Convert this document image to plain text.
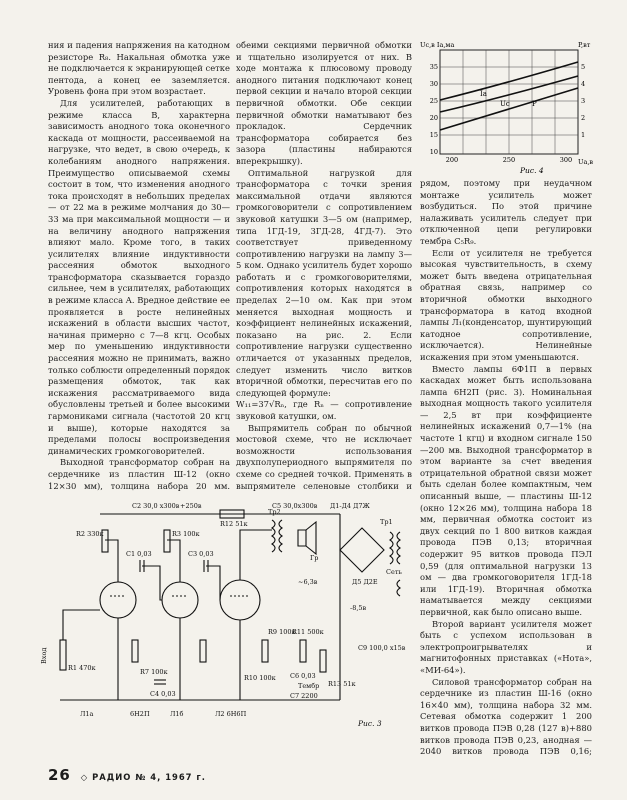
ния и падения напряжения на катодном резисторе R₈. Накальная обмотка уже не подключается к экранирующей сетке пентода, а конец ее заземляется. Уровень фона при этом возрастает.

Для усилителей, работающих в режиме класса B, характерна зависимость анодного тока оконечного каскада от мощности, рассеиваемой на нагрузке, что ведет, в свою очередь, к колебаниям анодного напряжения. Преимущество описываемой схемы состоит в том, что изменения анодного тока происходят в небольших пределах — от 22 ма в режиме молчания до 30—33 ма при максимальной мощности — и на величину анодного напряжения влияют мало. Кроме того, в таких усилителях влияние индуктивности рассеяния обмоток выходного трансформатора сказывается гораздо сильнее, чем в усилителях, работающих в режиме класса A. Вредное действие ее проявляется в росте нелинейных искажений в области высших частот, начиная примерно с 7—8 кгц. Особых мер по уменьшению индуктивности рассеяния можно не принимать, важно только соблюсти определенный порядок размещения обмоток, так как искажения рассматриваемого вида обусловлены третьей и более высокими гармониками сигнала (частотой 20 кгц и выше), которые находятся за пределами полосы воспроизведения динамических громкоговорителей.

Выходной трансформатор собран на сердечнике из пластин Ш-12 (окно 12×30 мм), толщина набора 20 мм.

обеими секциями первичной обмотки и тщательно изолируется от них. В ходе монтажа к плюсовому проводу анодного питания подключают конец первой секции и начало второй секции первичной обмотки. Обе секции первичной обмотки наматывают без прокладок. Сердечник трансформатора собирается без зазора (пластины набираются вперекрышку).

Оптимальной нагрузкой для трансформатора с точки зрения максимальной отдачи являются громкоговорители с сопротивлением звуковой катушки 3—5 ом (например, типа 1ГД-19, 3ГД-28, 4ГД-7). Это соответствует приведенному сопротивлению нагрузки на лампу 3—5 ком. Однако усилитель будет хорошо работать и с громкоговорителями, сопротивления которых находятся в пределах 2—10 ом. Как при этом меняется выходная мощность и коэффициент нелинейных искажений, показано на рис. 2. Если сопротивление нагрузки существенно отличается от указанных пределов, следует изменить число витков вторичной обмотки, пересчитав его по следующей формуле:

W₁₁=37√Rₙ, где Rₙ — сопротивление звуковой катушки, ом.

Выпрямитель собран по обычной мостовой схеме, что не исключает возможности использования двухполупериодного выпрямителя по схеме со средней точкой. Применять в выпрямителе селеновые столбики и

Iа
Uc	P
Uc,в Iа,ма	P,вт
35
30
25
20
15
10
5
4
3
2
1
200	250	300 Uа,в
Рис. 4

рядом, поэтому при неудачном монтаже усилитель может возбудиться. По этой причине налаживать усилитель следует при отключенной цепи регулировки тембра C₅R₉.

Если от усилителя не требуется высокая чувствительность, в схему может быть введена отрицательная обратная связь, например со вторичной обмотки выходного трансформатора в катод входной лампы Л₁(конденсатор, шунтирующий катодное сопротивление, исключается). Нелинейные искажения при этом уменьшаются.

Вместо лампы 6Ф1П в первых каскадах может быть использована лампа 6Н2П (рис. 3). Номинальная выходная мощность такого усилителя — 2,5 вт при коэффициенте нелинейных искажений 0,7—1% (на частоте 1 кгц) и входном сигнале 150—200 мв. Выходной трансформатор в этом варианте за счет введения отрицательной обратной связи может быть сделан более компактным, чем описанный выше, — пластины Ш-12 (окно 12×26 мм), толщина набора 18 мм, первичная обмотка состоит из двух секций по 1 800 витков каждая провода ПЭВ 0,13; вторичная содержит 95 витков провода ПЭЛ 0,59 (для оптимальной нагрузки 13 ом — два громкоговорителя 1ГД-18 или 1ГД-19). Вторичная обмотка наматывается между секциями первичной, как было описано выше.

Второй вариант усилителя может быть с успехом использован в электропроигрывателях и магнитофонных приставках («Нота», «МИ-64»).

Силовой трансформатор собран на сердечнике из пластин Ш-16 (окно 16×40 мм), толщина набора 32 мм. Сетевая обмотка содержит 1 200 витков провода ПЭВ 0,28 (127 в)+880 витков провода ПЭВ 0,23, анодная — 2040 витков провода ПЭВ 0,16;

Л1а	6Н2П	Л1б	Л2 6Н6П
Тр1
Тр2
Д1-Д4 Д7Ж
Д5 Д2Е
Тембр
Сеть
~6,3в
-8,5в
+250в
R1 470к
R2 330к
С1 0,03	С3 0,03
R3 100к
R12 51к
C2 30,0 x300в	C5 30,0x300в
R7 100к
C4 0,03
R9 100к
R11 500к
C6 0,03
C9 100,0 x15в
C7 2200
R10 100к
R13 51к
Гр
Вход
Рис. 3
26 ◇ РАДИО № 4, 1967 г.
